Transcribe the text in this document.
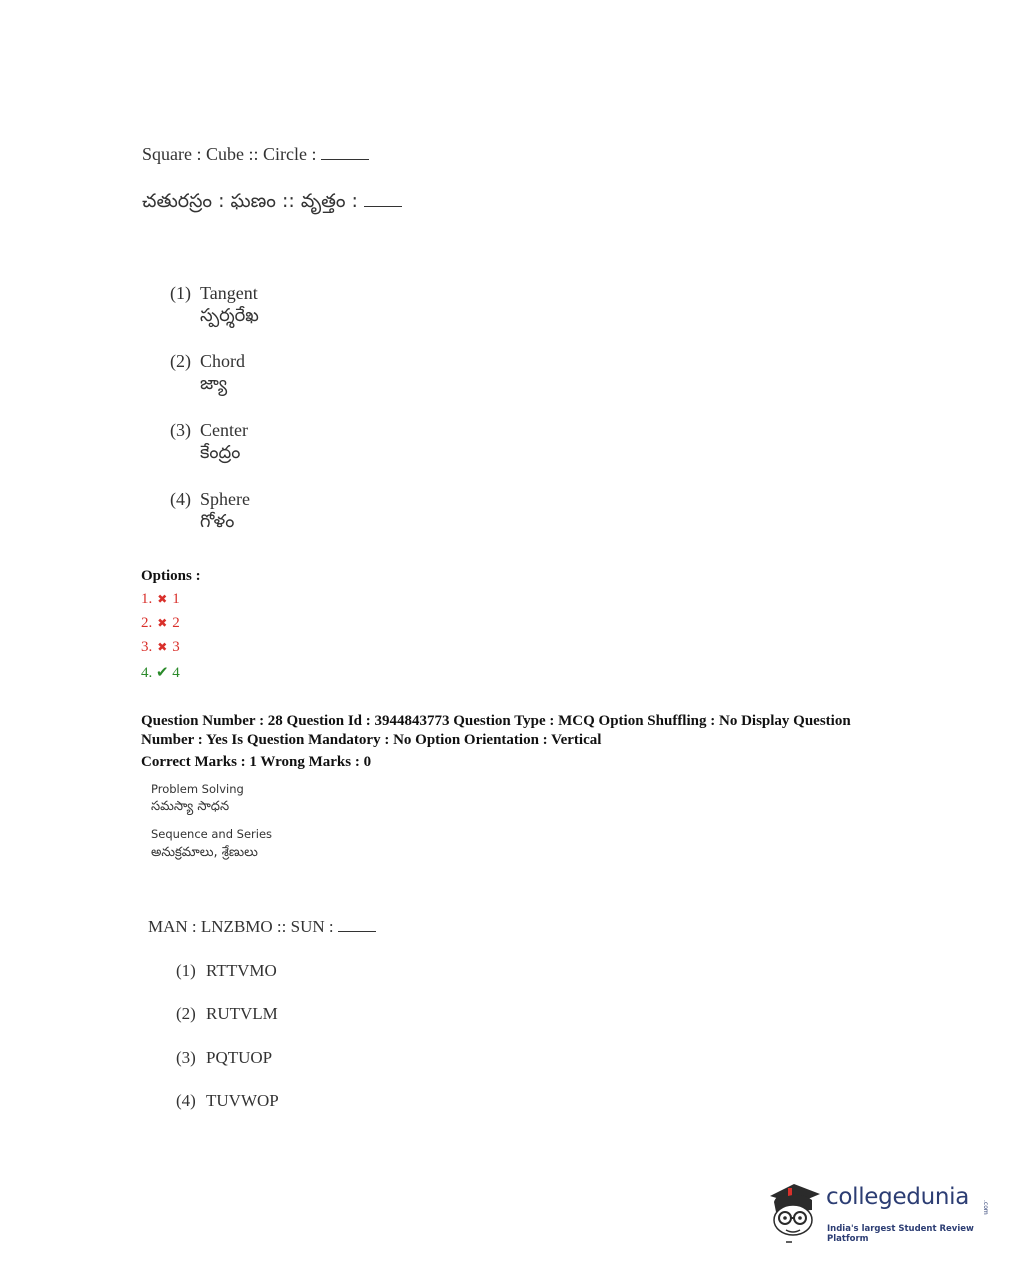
Square : Cube :: Circle :
చతురస్రం : ఘణం :: వృత్తం :
(1) Tangent
స్పర్శరేఖ
(2) Chord
జ్యా
(3) Center
కేంద్రం
(4) Sphere
గోళం
Options :
1. ✖ 1
2. ✖ 2
3. ✖ 3
4. ✔ 4
Question Number : 28 Question Id : 3944843773 Question Type : MCQ Option Shuffling : No Display Question
Number : Yes Is Question Mandatory : No Option Orientation : Vertical
Correct Marks : 1 Wrong Marks : 0
Problem Solving
సమస్యా సాధన
Sequence and Series
అనుక్రమాలు, శ్రేణులు
MAN : LNZBMO :: SUN :
(1) RTTVMO
(2) RUTVLM
(3) PQTUOP
(4) TUVWOP
collegedunia .com
India's largest Student Review Platform
